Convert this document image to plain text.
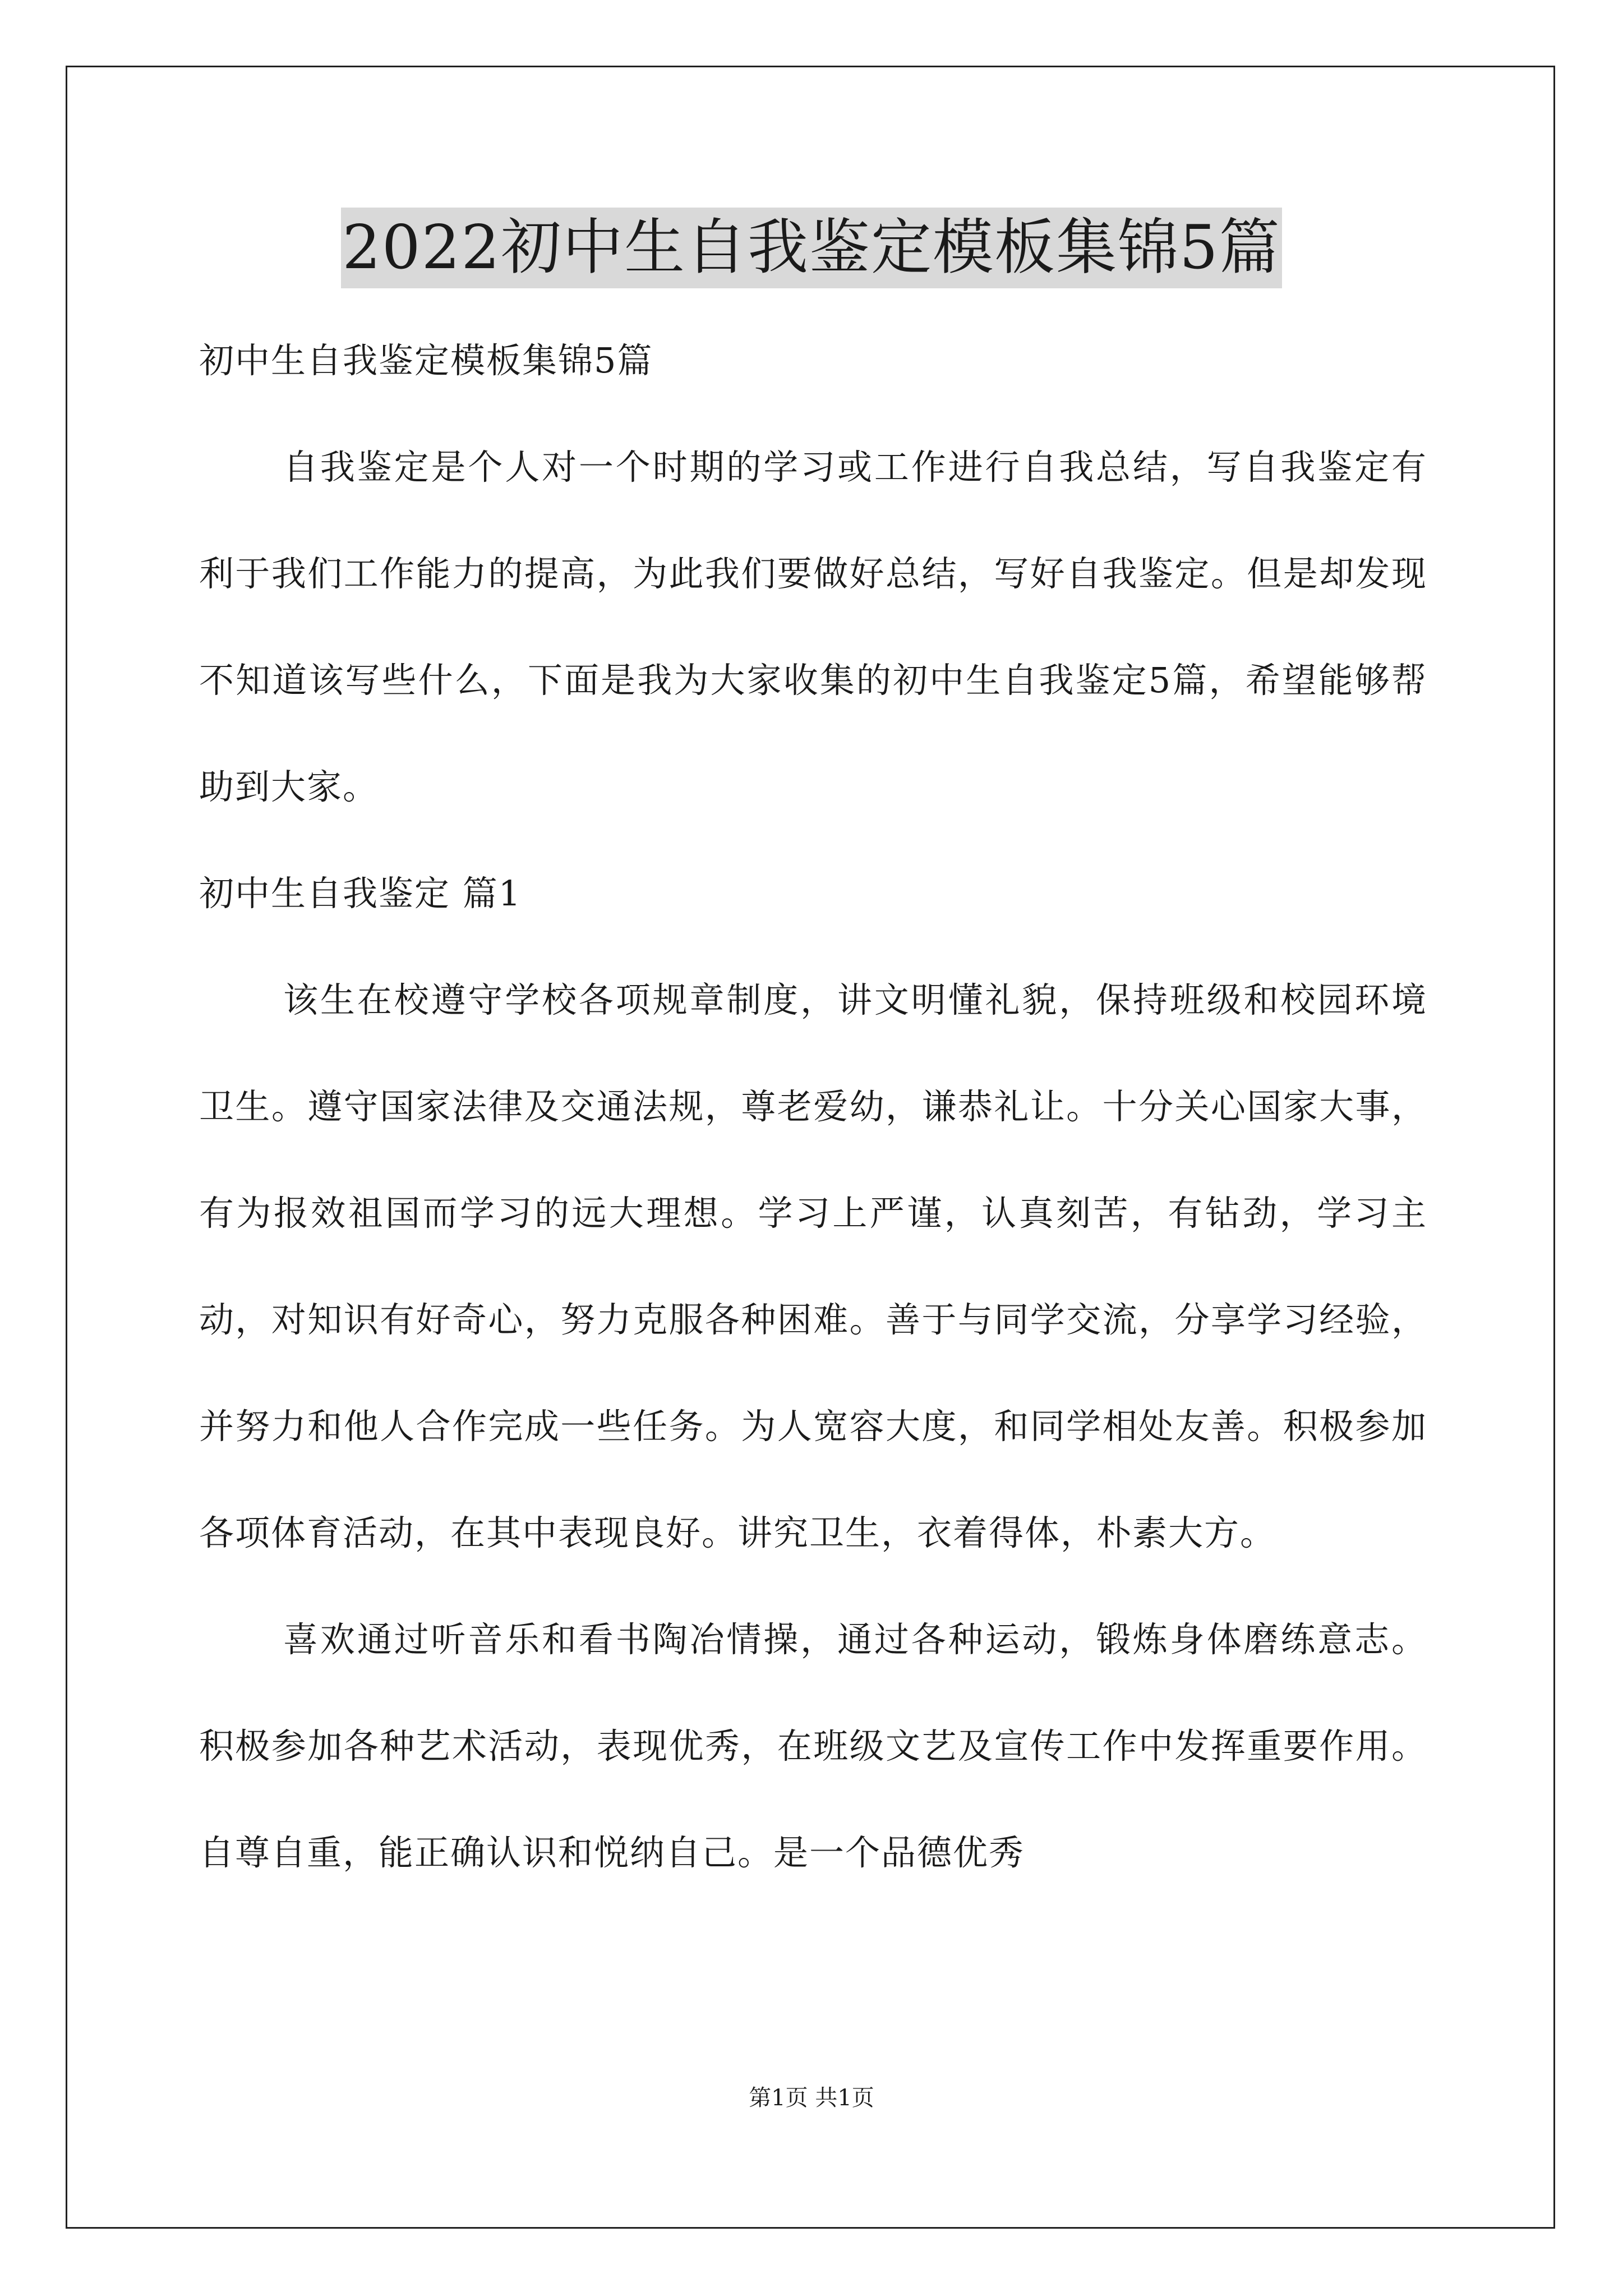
2022初中生自我鉴定模板集锦5篇

初中生自我鉴定模板集锦5篇

自我鉴定是个人对一个时期的学习或工作进行自我总结，写自我鉴定有利于我们工作能力的提高，为此我们要做好总结，写好自我鉴定。但是却发现不知道该写些什么，下面是我为大家收集的初中生自我鉴定5篇，希望能够帮助到大家。

初中生自我鉴定 篇1

该生在校遵守学校各项规章制度，讲文明懂礼貌，保持班级和校园环境卫生。遵守国家法律及交通法规，尊老爱幼，谦恭礼让。十分关心国家大事，有为报效祖国而学习的远大理想。学习上严谨，认真刻苦，有钻劲，学习主动，对知识有好奇心，努力克服各种困难。善于与同学交流，分享学习经验，并努力和他人合作完成一些任务。为人宽容大度，和同学相处友善。积极参加各项体育活动，在其中表现良好。讲究卫生，衣着得体，朴素大方。

喜欢通过听音乐和看书陶冶情操，通过各种运动，锻炼身体磨练意志。积极参加各种艺术活动，表现优秀，在班级文艺及宣传工作中发挥重要作用。自尊自重，能正确认识和悦纳自己。是一个品德优秀

第1页 共1页
